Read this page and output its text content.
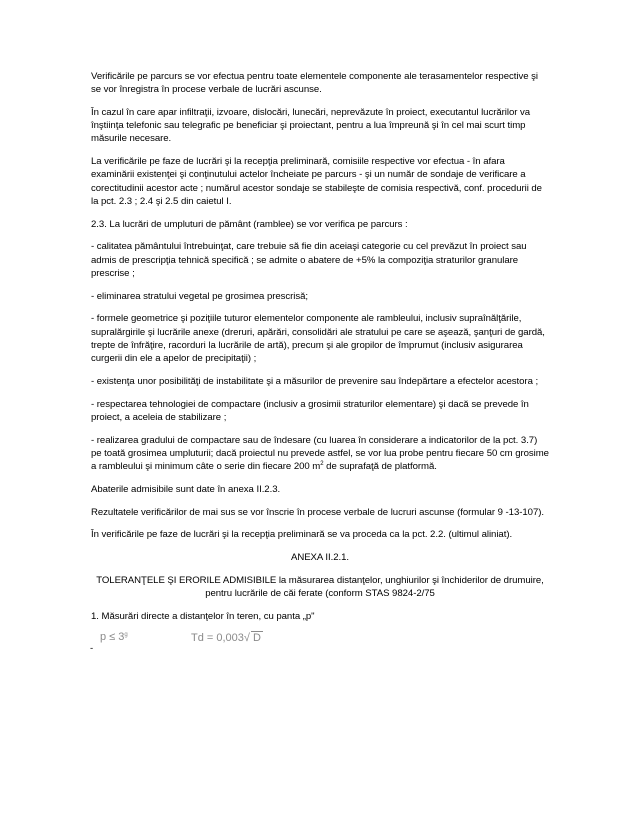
Verificările pe parcurs se vor efectua pentru toate elementele componente ale terasamentelor respective şi se vor înregistra în procese verbale de lucrări ascunse.

În cazul în care apar infiltraţii, izvoare, dislocări, lunecări, neprevăzute în proiect, executantul lucrărilor va înştiinţa telefonic sau telegrafic pe beneficiar şi proiectant, pentru a lua împreună şi în cel mai scurt timp măsurile necesare.

La verificările pe faze de lucrări şi la recepţia preliminară, comisiile respective vor efectua - în afara examinării existenţei şi conţinutului actelor încheiate pe parcurs - şi un număr de sondaje de verificare a corectitudinii acestor acte ; numărul acestor sondaje se stabileşte de comisia respectivă, conf. procedurii de la pct. 2.3 ; 2.4 şi 2.5 din caietul I.

2.3. La lucrări de umpluturi de pământ (ramblee) se vor verifica pe parcurs :

- calitatea pământului întrebuinţat, care trebuie să fie din aceiaşi categorie cu cel prevăzut în proiect sau admis de prescripţia tehnică specifică ; se admite o abatere de +5% la compoziţia straturilor granulare prescrise ;

- eliminarea stratului vegetal pe grosimea prescrisă;

- formele geometrice şi poziţiile tuturor elementelor componente ale rambleului, inclusiv supraînălţările, supralărgirile şi lucrările anexe (dreruri, apărări, consolidări ale stratului pe care se aşează, şanţuri de gardă, trepte de înfrăţire, racorduri la lucrările de artă), precum şi ale gropilor de împrumut (inclusiv asigurarea curgerii din ele a apelor de precipitaţii) ;

- existenţa unor posibilităţi de instabilitate şi a măsurilor de prevenire sau îndepărtare a efectelor acestora ;

- respectarea tehnologiei de compactare (inclusiv a grosimii straturilor elementare) şi dacă se prevede în proiect, a aceleia de stabilizare ;

- realizarea gradului de compactare sau de îndesare (cu luarea în considerare a indicatorilor de la pct. 3.7) pe toată grosimea umpluturii; dacă proiectul nu prevede astfel, se vor lua probe pentru fiecare 50 cm grosime a rambleului şi minimum câte o serie din fiecare 200 $m^2$ de suprafaţă de platformă.

Abaterile admisibile sunt date în anexa II.2.3.

Rezultatele verificărilor de mai sus se vor înscrie în procese verbale de lucruri ascunse (formular 9 -13-107).

În verificările pe faze de lucrări şi la recepţia preliminară se va proceda ca la pct. 2.2. (ultimul aliniat).

ANEXA II.2.1.

TOLERANŢELE ŞI ERORILE ADMISIBILE la măsurarea distanţelor, unghiurilor şi închiderilor de drumuire, pentru lucrările de căi ferate (conform STAS 9824-2/75

1. Măsurări directe a distanţelor în teren, cu panta „p"

-
$p \le 3^g$	Td = 0,003√ D
